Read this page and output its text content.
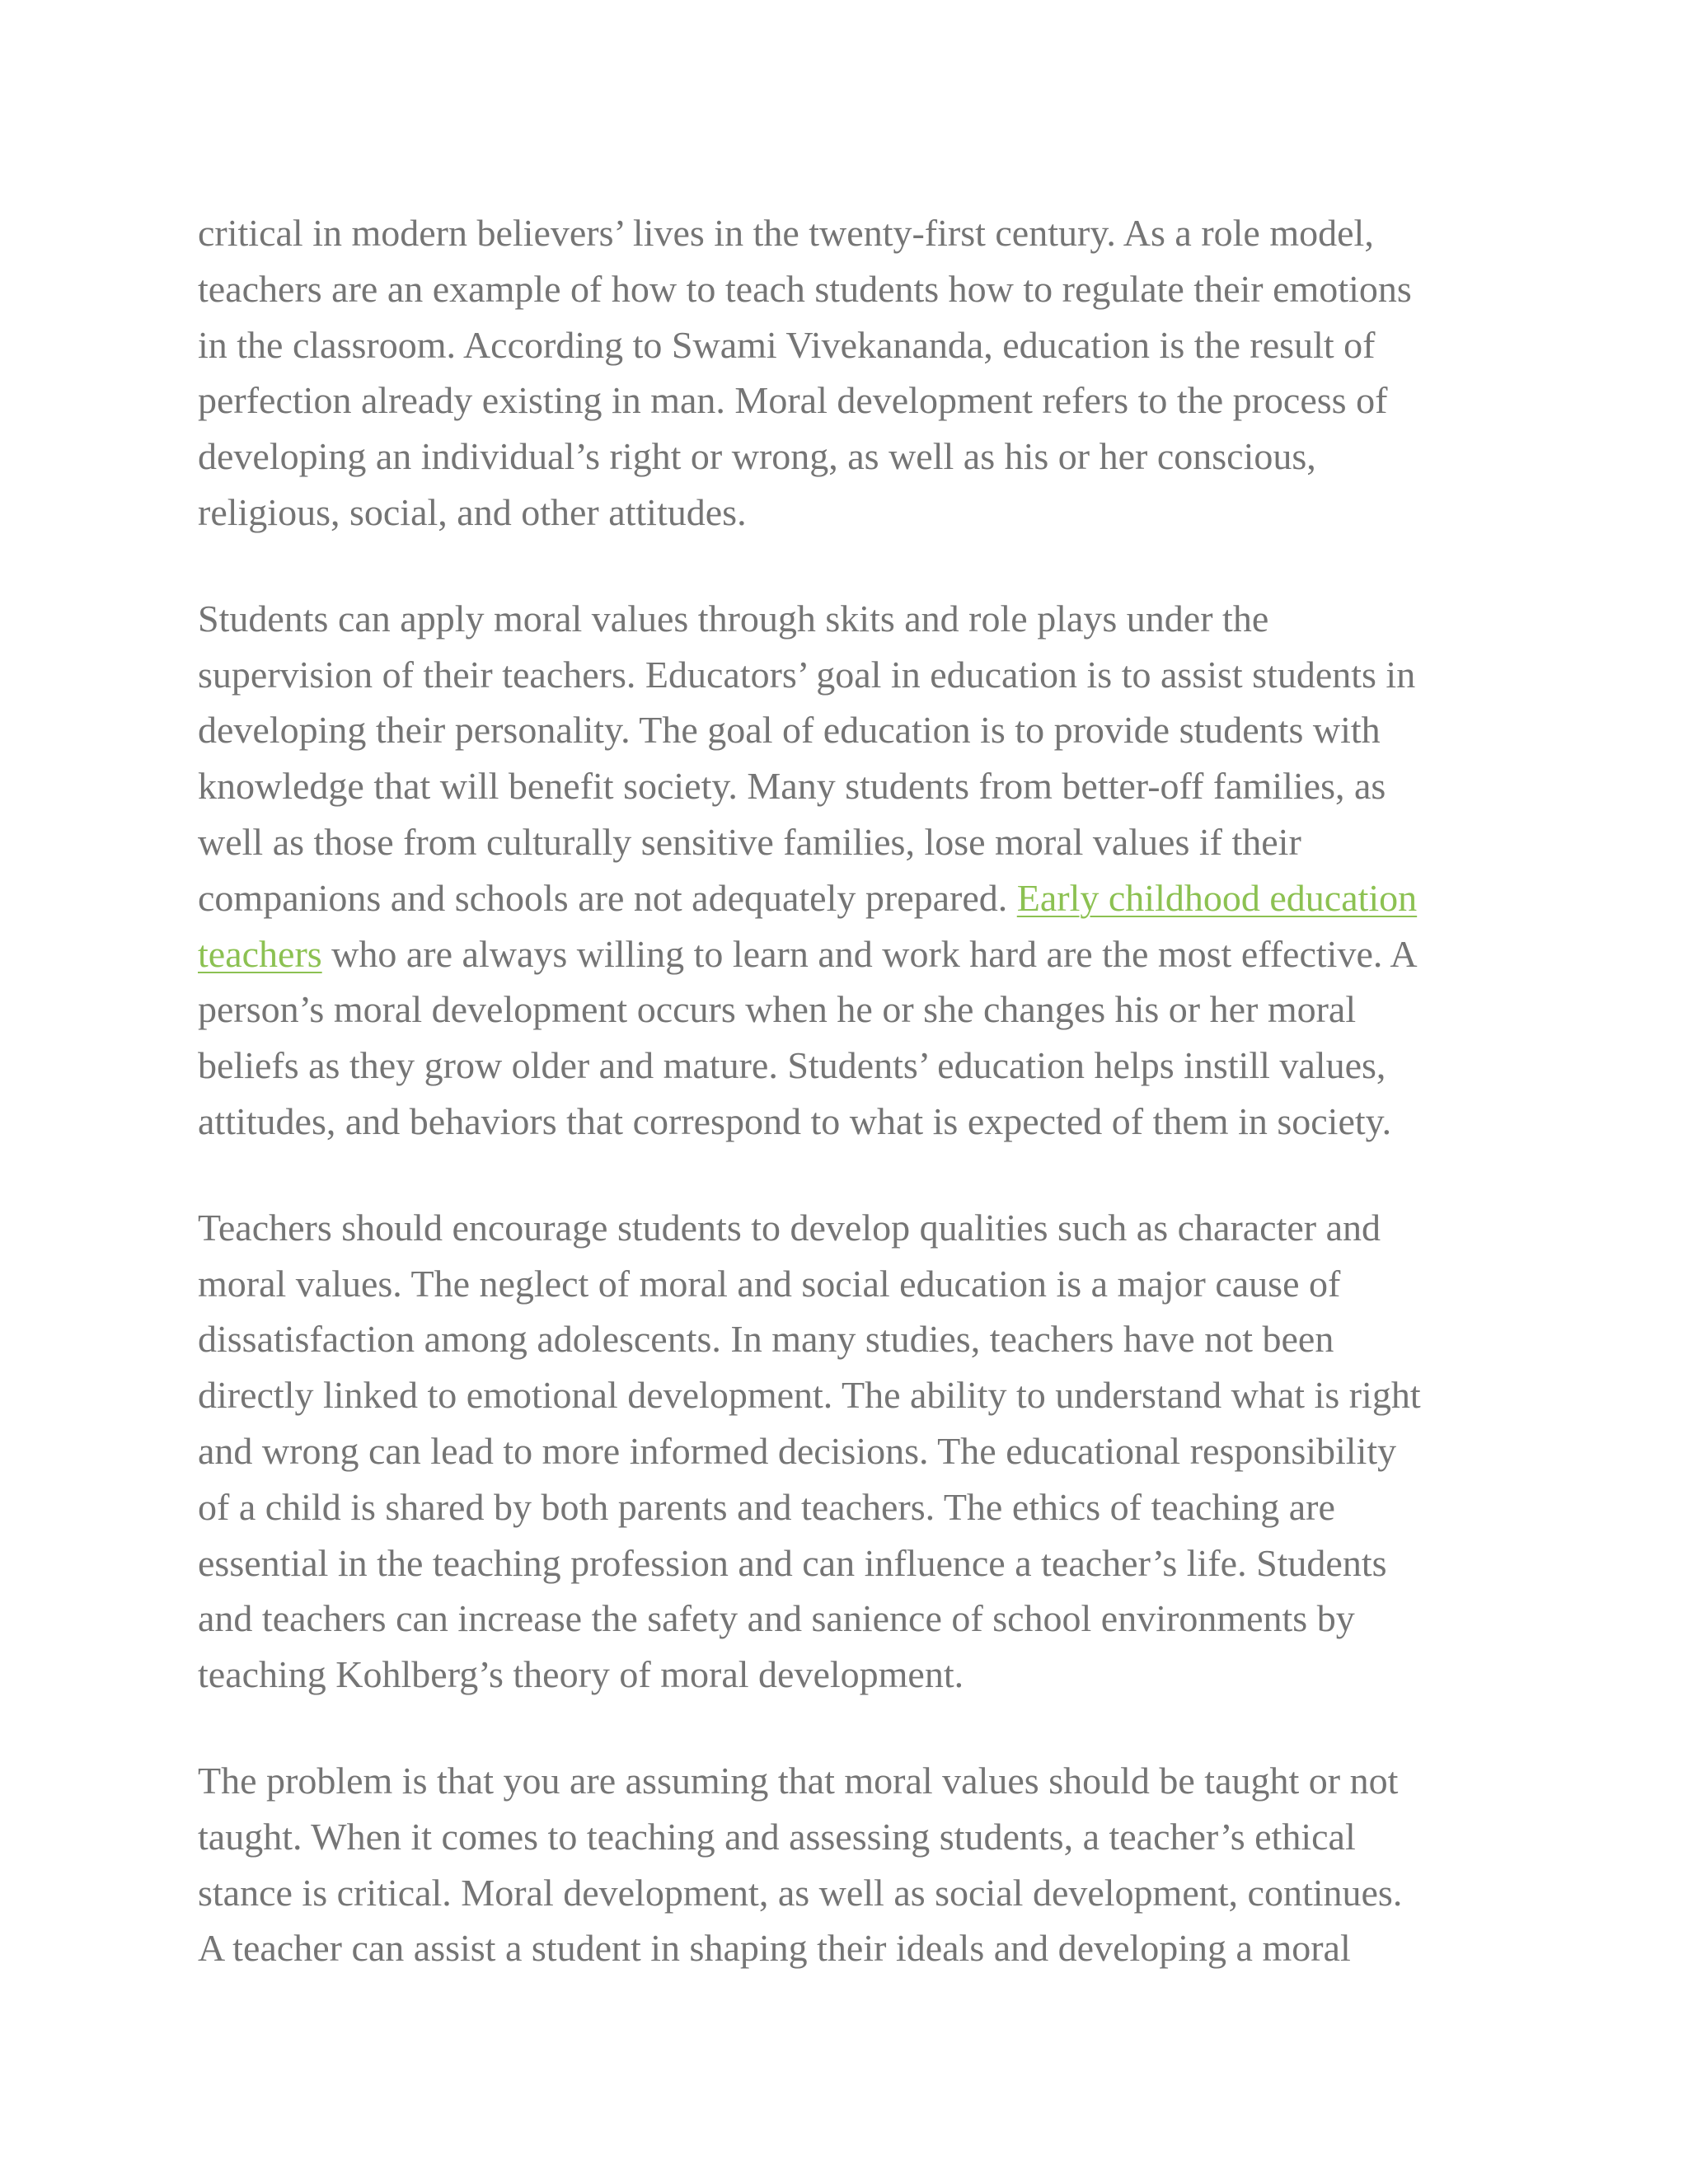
critical in modern believers’ lives in the twenty-first century. As a role model,
teachers are an example of how to teach students how to regulate their emotions
in the classroom. According to Swami Vivekananda, education is the result of
perfection already existing in man. Moral development refers to the process of
developing an individual’s right or wrong, as well as his or her conscious,
religious, social, and other attitudes.

Students can apply moral values through skits and role plays under the
supervision of their teachers. Educators’ goal in education is to assist students in
developing their personality. The goal of education is to provide students with
knowledge that will benefit society. Many students from better-off families, as
well as those from culturally sensitive families, lose moral values if their
companions and schools are not adequately prepared. Early childhood education
teachers who are always willing to learn and work hard are the most effective. A
person’s moral development occurs when he or she changes his or her moral
beliefs as they grow older and mature. Students’ education helps instill values,
attitudes, and behaviors that correspond to what is expected of them in society.

Teachers should encourage students to develop qualities such as character and
moral values. The neglect of moral and social education is a major cause of
dissatisfaction among adolescents. In many studies, teachers have not been
directly linked to emotional development. The ability to understand what is right
and wrong can lead to more informed decisions. The educational responsibility
of a child is shared by both parents and teachers. The ethics of teaching are
essential in the teaching profession and can influence a teacher’s life. Students
and teachers can increase the safety and sanience of school environments by
teaching Kohlberg’s theory of moral development.

The problem is that you are assuming that moral values should be taught or not
taught. When it comes to teaching and assessing students, a teacher’s ethical
stance is critical. Moral development, as well as social development, continues.
A teacher can assist a student in shaping their ideals and developing a moral
